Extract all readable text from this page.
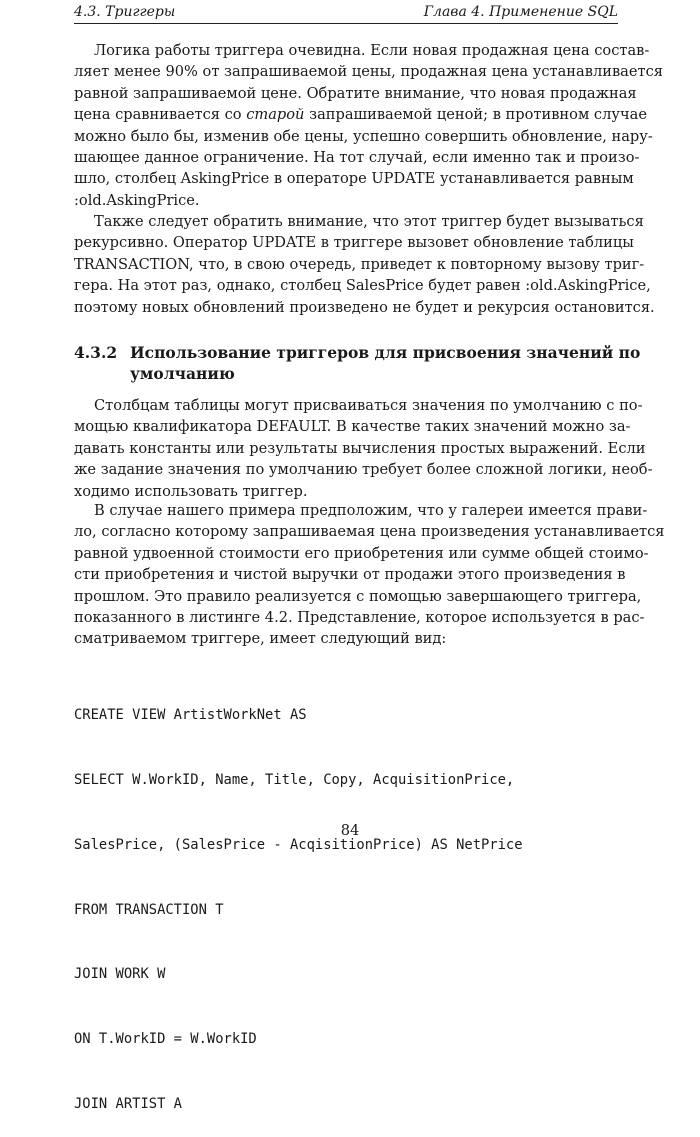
4.3. Триггеры	Глава 4. Применение SQL
Логика работы триггера очевидна. Если новая продажная цена состав-
ляет менее 90% от запрашиваемой цены, продажная цена устанавливается
равной запрашиваемой цене. Обратите внимание, что новая продажная
цена сравнивается со старой запрашиваемой ценой; в противном случае
можно было бы, изменив обе цены, успешно совершить обновление, нару-
шающее данное ограничение. На тот случай, если именно так и произо-
шло, столбец AskingPrice в операторе UPDATE устанавливается равным
:old.AskingPrice.
Также следует обратить внимание, что этот триггер будет вызываться
рекурсивно. Оператор UPDATE в триггере вызовет обновление таблицы
TRANSACTION, что, в свою очередь, приведет к повторному вызову триг-
гера. На этот раз, однако, столбец SalesPrice будет равен :old.AskingPrice,
поэтому новых обновлений произведено не будет и рекурсия остановится.
4.3.2 Использование триггеров для присвоения значений по
умолчанию
Столбцам таблицы могут присваиваться значения по умолчанию с по-
мощью квалификатора DEFAULT. В качестве таких значений можно за-
давать константы или результаты вычисления простых выражений. Если
же задание значения по умолчанию требует более сложной логики, необ-
ходимо использовать триггер.
В случае нашего примера предположим, что у галереи имеется прави-
ло, согласно которому запрашиваемая цена произведения устанавливается
равной удвоенной стоимости его приобретения или сумме общей стоимо-
сти приобретения и чистой выручки от продажи этого произведения в
прошлом. Это правило реализуется с помощью завершающего триггера,
показанного в листинге 4.2. Представление, которое используется в рас-
сматриваемом триггере, имеет следующий вид:

CREATE VIEW ArtistWorkNet AS

SELECT W.WorkID, Name, Title, Copy, AcquisitionPrice,

SalesPrice, (SalesPrice - AcqisitionPrice) AS NetPrice

FROM TRANSACTION T

JOIN WORK W

ON T.WorkID = W.WorkID

JOIN ARTIST A

84
